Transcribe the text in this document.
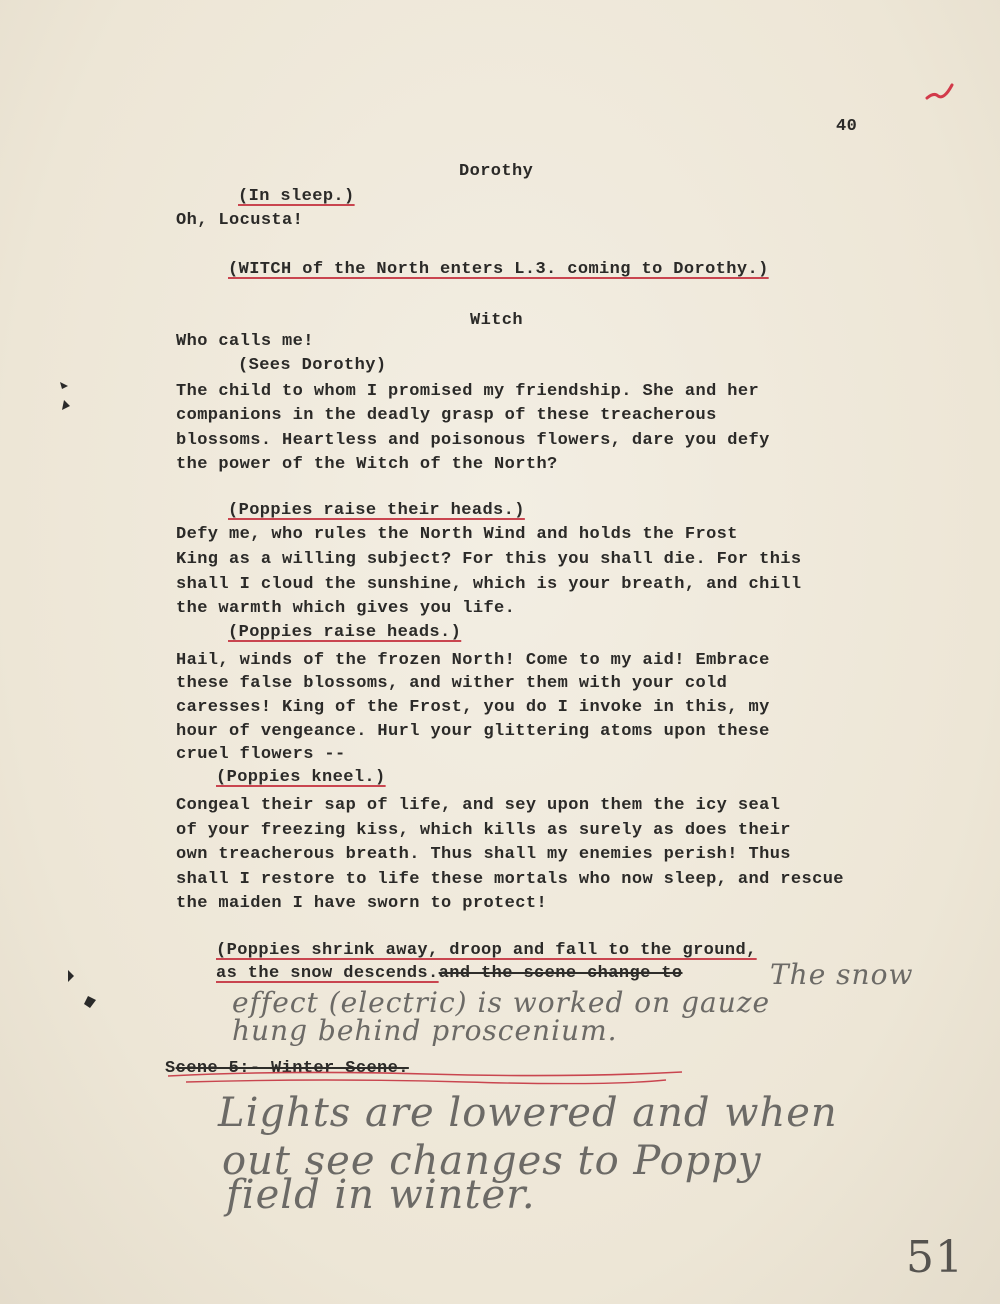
40
Dorothy
(In sleep.)
Oh, Locusta!
(WITCH of the North enters L.3. coming to Dorothy.)
Witch
Who calls me!
(Sees Dorothy)
The child to whom I promised my friendship. She and her
companions in the deadly grasp of these treacherous
blossoms. Heartless and poisonous flowers, dare you defy
the power of the Witch of the North?
(Poppies raise their heads.)
Defy me, who rules the North Wind and holds the Frost
King as a willing subject? For this you shall die. For this
shall I cloud the sunshine, which is your breath, and chill
the warmth which gives you life.
(Poppies raise heads.)
Hail, winds of the frozen North! Come to my aid! Embrace
these false blossoms, and wither them with your cold
caresses! King of the Frost, you do I invoke in this, my
hour of vengeance. Hurl your glittering atoms upon these
cruel flowers --
(Poppies kneel.)
Congeal their sap of life, and sey upon them the icy seal
of your freezing kiss, which kills as surely as does their
own treacherous breath. Thus shall my enemies perish! Thus
shall I restore to life these mortals who now sleep, and rescue
the maiden I have sworn to protect!
(Poppies shrink away, droop and fall to the ground,
as the snow descends.and the scene change to	The snow
effect (electric) is worked on gauze
hung behind proscenium.
Scene 5:- Winter Scene.
Lights are lowered and when
out see changes to Poppy
field in winter.
51
